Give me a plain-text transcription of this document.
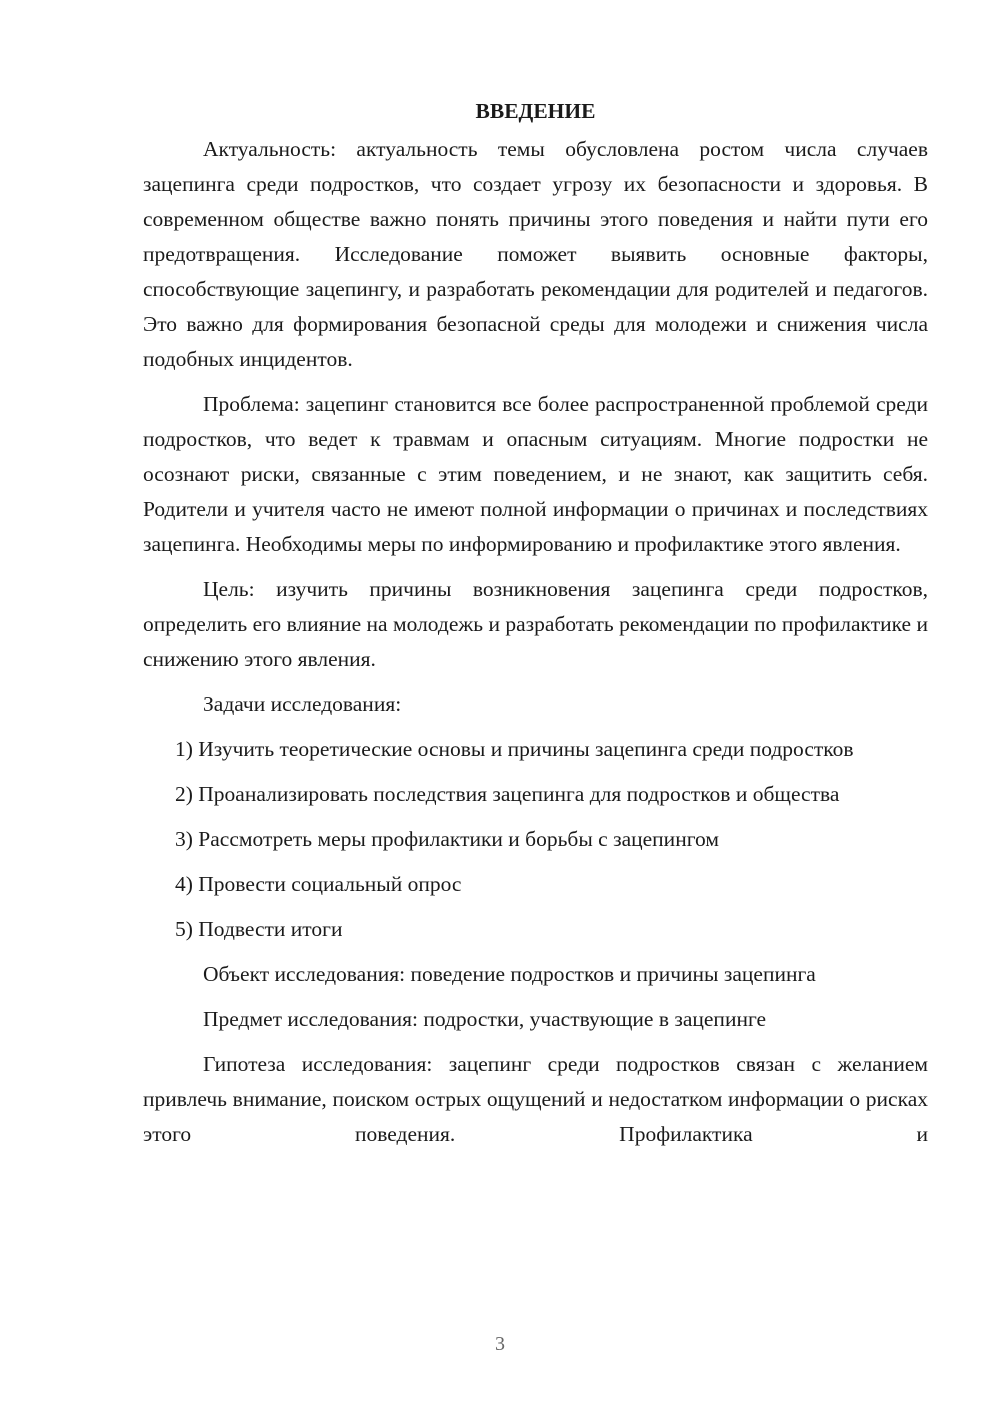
ВВЕДЕНИЕ

Актуальность: актуальность темы обусловлена ростом числа случаев зацепинга среди подростков, что создает угрозу их безопасности и здоровья. В современном обществе важно понять причины этого поведения и найти пути его предотвращения. Исследование поможет выявить основные факторы, способствующие зацепингу, и разработать рекомендации для родителей и педагогов. Это важно для формирования безопасной среды для молодежи и снижения числа подобных инцидентов.

Проблема: зацепинг становится все более распространенной проблемой среди подростков, что ведет к травмам и опасным ситуациям. Многие подростки не осознают риски, связанные с этим поведением, и не знают, как защитить себя. Родители и учителя часто не имеют полной информации о причинах и последствиях зацепинга. Необходимы меры по информированию и профилактике этого явления.

Цель: изучить причины возникновения зацепинга среди подростков, определить его влияние на молодежь и разработать рекомендации по профилактике и снижению этого явления.

Задачи исследования:

1) Изучить теоретические основы и причины зацепинга среди подростков

2) Проанализировать последствия зацепинга для подростков и общества

3) Рассмотреть меры профилактики и борьбы с зацепингом

4) Провести социальный опрос

5) Подвести итоги

Объект исследования: поведение подростков и причины зацепинга

Предмет исследования: подростки, участвующие в зацепинге

Гипотеза исследования: зацепинг среди подростков связан с желанием привлечь внимание, поиском острых ощущений и недостатком информации о рисках этого поведения. Профилактика и

3
